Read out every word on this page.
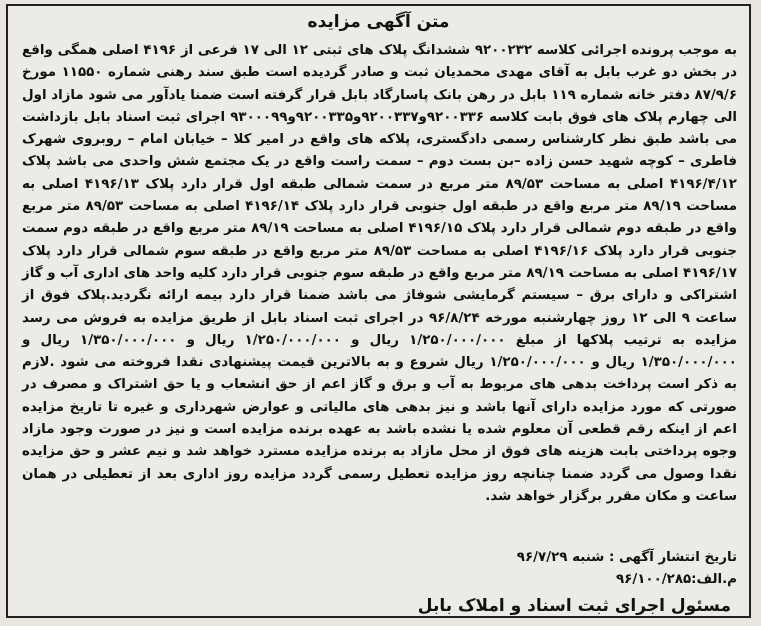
متن آگهی مزایده

به موجب پرونده اجرائی کلاسه ۹۲۰۰۲۳۲ ششدانگ پلاک های ثبتی ۱۲ الی ۱۷ فرعی از ۴۱۹۶ اصلی همگی واقع در بخش دو غرب بابل به آقای مهدی محمدیان ثبت و صادر گردیده است طبق سند رهنی شماره ۱۱۵۵۰ مورخ ۸۷/۹/۶ دفتر خانه شماره ۱۱۹ بابل در رهن بانک پاسارگاد بابل قرار گرفته است ضمنا یادآور می شود مازاد اول الی چهارم پلاک های فوق بابت کلاسه ۹۲۰۰۳۳۶و۹۲۰۰۳۳۷و۹۲۰۰۳۳۵و۹۳۰۰۰۹۹ اجرای ثبت اسناد بابل بازداشت می باشد طبق نظر کارشناس رسمی دادگستری، پلاکه های واقع در امیر کلا – خیابان امام – روبروی شهرک فاطری – کوچه شهید حسن زاده –بن بست دوم – سمت راست واقع در یک مجتمع شش واحدی می باشد پلاک ۴۱۹۶/۴/۱۲ اصلی به مساحت ۸۹/۵۳ متر مربع در سمت شمالی طبقه اول قرار دارد پلاک ۴۱۹۶/۱۳ اصلی به مساحت ۸۹/۱۹ متر مربع واقع در طبقه اول جنوبی قرار دارد پلاک ۴۱۹۶/۱۴ اصلی به مساحت ۸۹/۵۳ متر مربع واقع در طبقه دوم شمالی قرار دارد پلاک ۴۱۹۶/۱۵ اصلی به مساحت ۸۹/۱۹ متر مربع واقع در طبقه دوم سمت جنوبی قرار دارد پلاک ۴۱۹۶/۱۶ اصلی به مساحت ۸۹/۵۳ متر مربع واقع در طبقه سوم شمالی قرار دارد پلاک ۴۱۹۶/۱۷ اصلی به مساحت ۸۹/۱۹ متر مربع واقع در طبقه سوم جنوبی قرار دارد کلیه واحد های اداری آب و گاز اشتراکی و دارای برق – سیستم گرمایشی شوفاژ می باشد ضمنا قرار دارد بیمه ارائه نگردید.پلاک فوق از ساعت ۹ الی ۱۲ روز چهارشنبه مورخه ۹۶/۸/۲۴ در اجرای ثبت اسناد بابل از طریق مزایده به فروش می رسد مزایده به ترتیب پلاکها از مبلغ ۱/۲۵۰/۰۰۰/۰۰۰ ریال و ۱/۲۵۰/۰۰۰/۰۰۰ ریال و ۱/۳۵۰/۰۰۰/۰۰۰ ریال و ۱/۳۵۰/۰۰۰/۰۰۰ ریال و ۱/۲۵۰/۰۰۰/۰۰۰ ریال شروع و به بالاترین قیمت پیشنهادی نقدا فروخته می شود .لازم به ذکر است پرداخت بدهی های مربوط به آب و برق و گاز اعم از حق انشعاب و یا حق اشتراک و مصرف در صورتی که مورد مزایده دارای آنها باشد و نیز بدهی های مالیاتی و عوارض شهرداری و غیره تا تاریخ مزایده اعم از اینکه رقم قطعی آن معلوم شده یا نشده باشد به عهده برنده مزایده است و نیز در صورت وجود مازاد وجوه پرداختی بابت هزینه های فوق از محل مازاد به برنده مزایده مسترد خواهد شد و نیم عشر و حق مزایده نقدا وصول می گردد ضمنا چنانچه روز مزایده تعطیل رسمی گردد مزایده روز اداری بعد از تعطیلی در همان ساعت و مکان مقرر برگزار خواهد شد.

تاریخ انتشار آگهی : شنبه ۹۶/۷/۲۹
م.الف:۹۶/۱۰۰/۲۸۵
مسئول اجرای ثبت اسناد و املاک بابل
